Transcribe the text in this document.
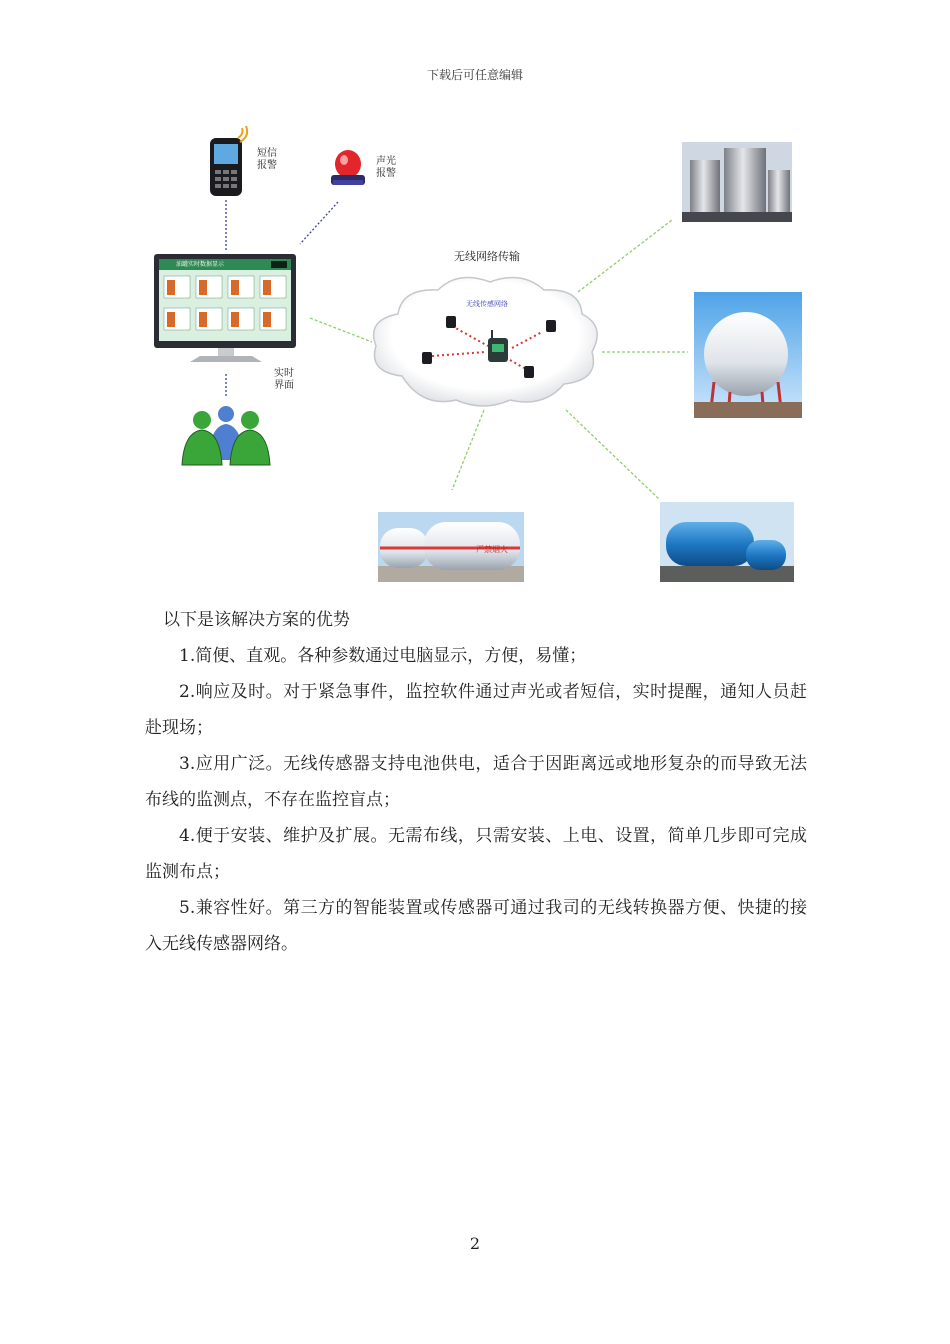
下载后可任意编辑
严禁烟火
短信
报警	声光
报警
油罐实时数据显示
实时
界面
无线网络传输
无线传感网络

以下是该解决方案的优势

1.简便、直观。各种参数通过电脑显示，方便，易懂；

2.响应及时。对于紧急事件，监控软件通过声光或者短信，实时提醒，通知人员赶赴现场；

3.应用广泛。无线传感器支持电池供电，适合于因距离远或地形复杂的而导致无法布线的监测点，不存在监控盲点；

4.便于安装、维护及扩展。无需布线，只需安装、上电、设置，简单几步即可完成监测布点；

5.兼容性好。第三方的智能装置或传感器可通过我司的无线转换器方便、快捷的接入无线传感器网络。

2
